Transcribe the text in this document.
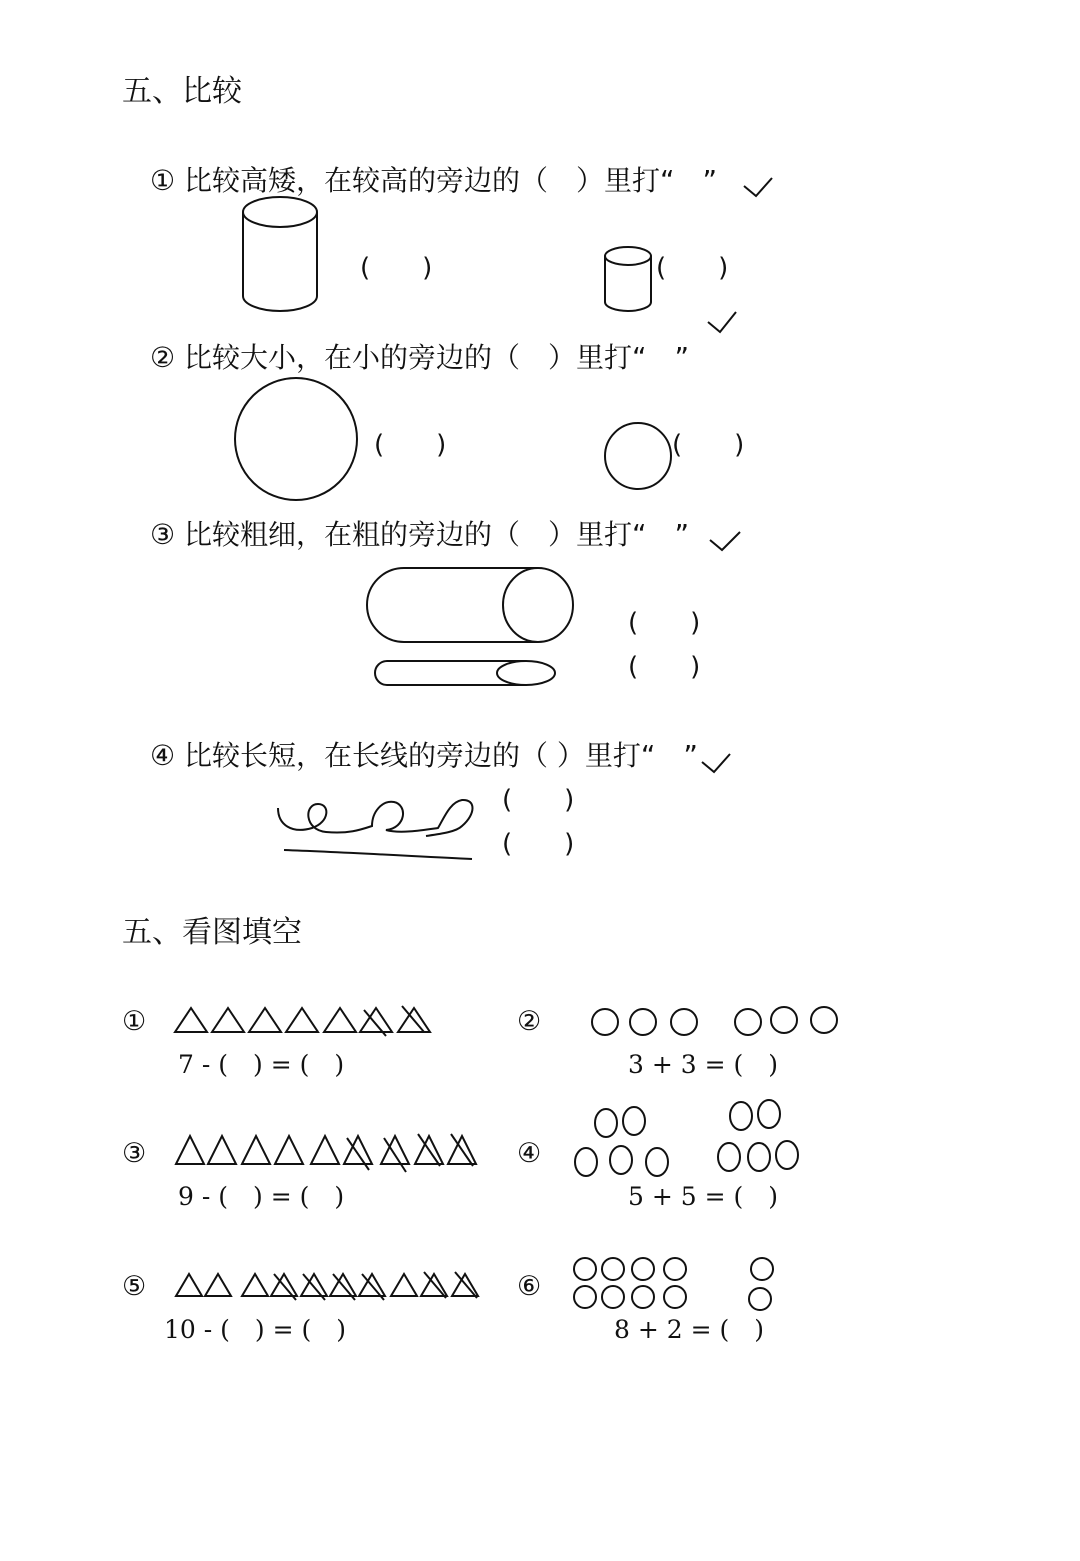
五、比较
① 比较高矮，在较高的旁边的（　）里打“　”
(　　)	(　　)
② 比较大小，在小的旁边的（　）里打“　”
(　　)	(　　)
③ 比较粗细，在粗的旁边的（　）里打“　”
(　　)
(　　)
④ 比较长短，在长线的旁边的（ ）里打“　”
(　　)
(　　)
五、看图填空
①
7 - (　) = (　)
②
3 + 3 = (　)
③
9 - (　) = (　)
④
5 + 5 = (　)
⑤
10 - (　) = (　)
⑥
8 + 2 = (　)
